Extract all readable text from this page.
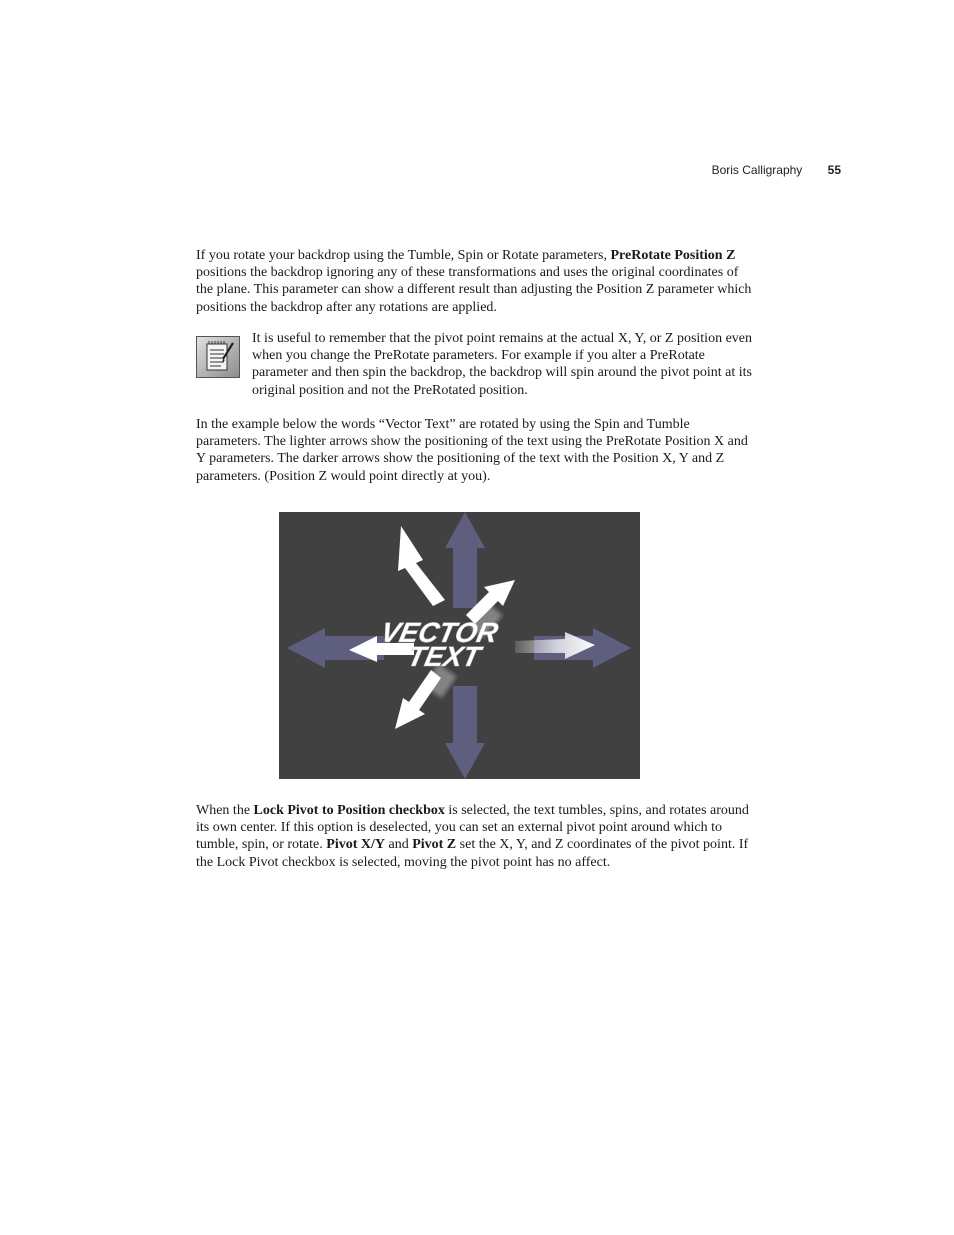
Boris Calligraphy 55

If you rotate your backdrop using the Tumble, Spin or Rotate parameters, PreRotate Position Z positions the backdrop ignoring any of these transformations and uses the original coordinates of the plane. This parameter can show a different result than adjusting the Position Z parameter which positions the backdrop after any rotations are applied.

It is useful to remember that the pivot point remains at the actual X, Y, or Z position even when you change the PreRotate parameters. For example if you alter a PreRotate parameter and then spin the backdrop, the backdrop will spin around the pivot point at its original position and not the PreRotated position.

In the example below the words “Vector Text” are rotated by using the Spin and Tumble parameters. The lighter arrows show the positioning of the text using the PreRotate Position X and Y parameters. The darker arrows show the positioning of the text with the Position X, Y and Z parameters. (Position Z would point directly at you).

VECTOR
TEXT

When the Lock Pivot to Position checkbox is selected, the text tumbles, spins, and rotates around its own center. If this option is deselected, you can set an external pivot point around which to tumble, spin, or rotate. Pivot X/Y and Pivot Z set the X, Y, and Z coordinates of the pivot point. If the Lock Pivot checkbox is selected, moving the pivot point has no affect.
